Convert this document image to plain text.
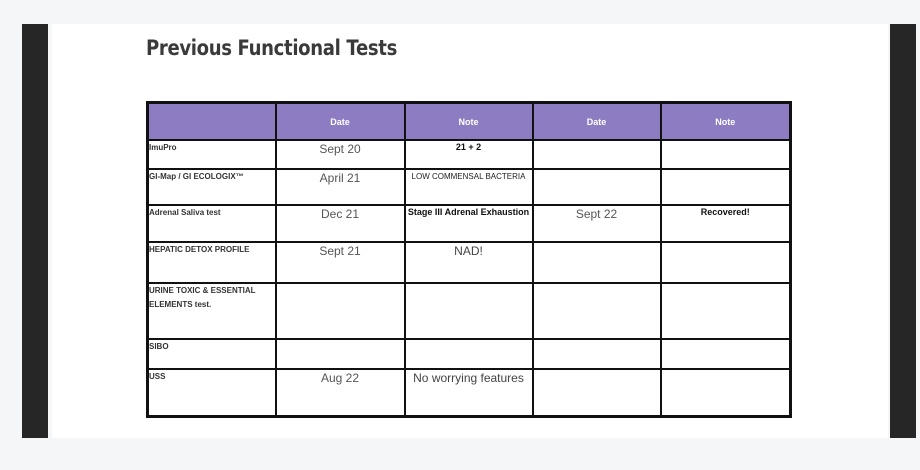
Previous Functional Tests
	Date	Note	Date	Note
ImuPro	Sept 20	21 + 2		
GI-Map / GI ECOLOGIX™	April 21	LOW COMMENSAL BACTERIA		
Adrenal Saliva test	Dec 21	Stage III Adrenal Exhaustion	Sept 22	Recovered!
HEPATIC DETOX PROFILE	Sept 21	NAD!		
URINE TOXIC & ESSENTIAL ELEMENTS test.				
SIBO				
USS	Aug 22	No worrying features		
